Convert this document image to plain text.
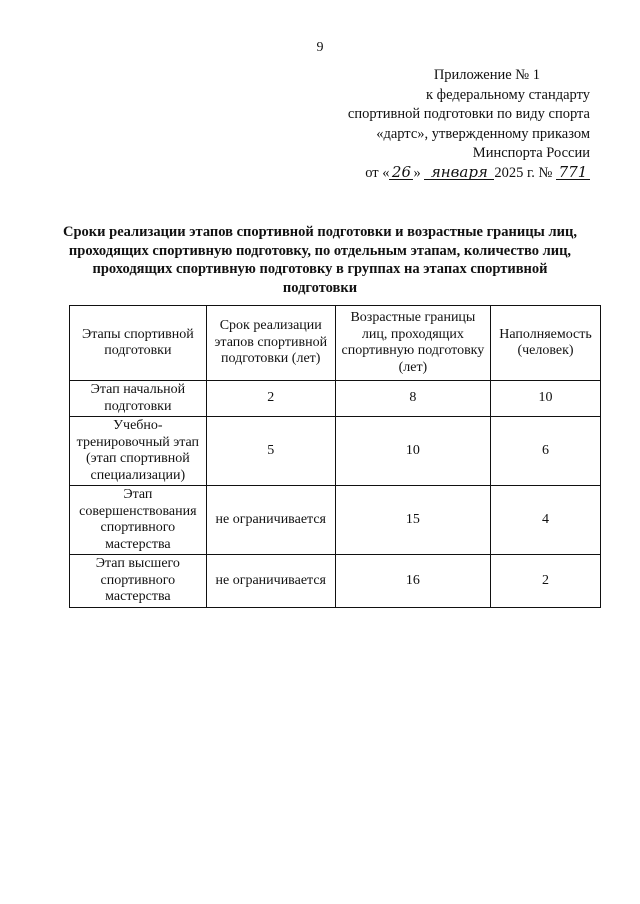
9
Приложение № 1
к федеральному стандарту
спортивной подготовки по виду спорта
«дартс», утвержденному приказом
Минспорта России
от « 26 » января 2025 г. № 771
Сроки реализации этапов спортивной подготовки и возрастные границы лиц, проходящих спортивную подготовку, по отдельным этапам, количество лиц, проходящих спортивную подготовку в группах на этапах спортивной подготовки
Этапы спортивной подготовки	Срок реализации этапов спортивной подготовки (лет)	Возрастные границы лиц, проходящих спортивную подготовку (лет)	Наполняемость (человек)
Этап начальной подготовки	2	8	10
Учебно-тренировочный этап (этап спортивной специализации)	5	10	6
Этап совершенствования спортивного мастерства	не ограничивается	15	4
Этап высшего спортивного мастерства	не ограничивается	16	2
